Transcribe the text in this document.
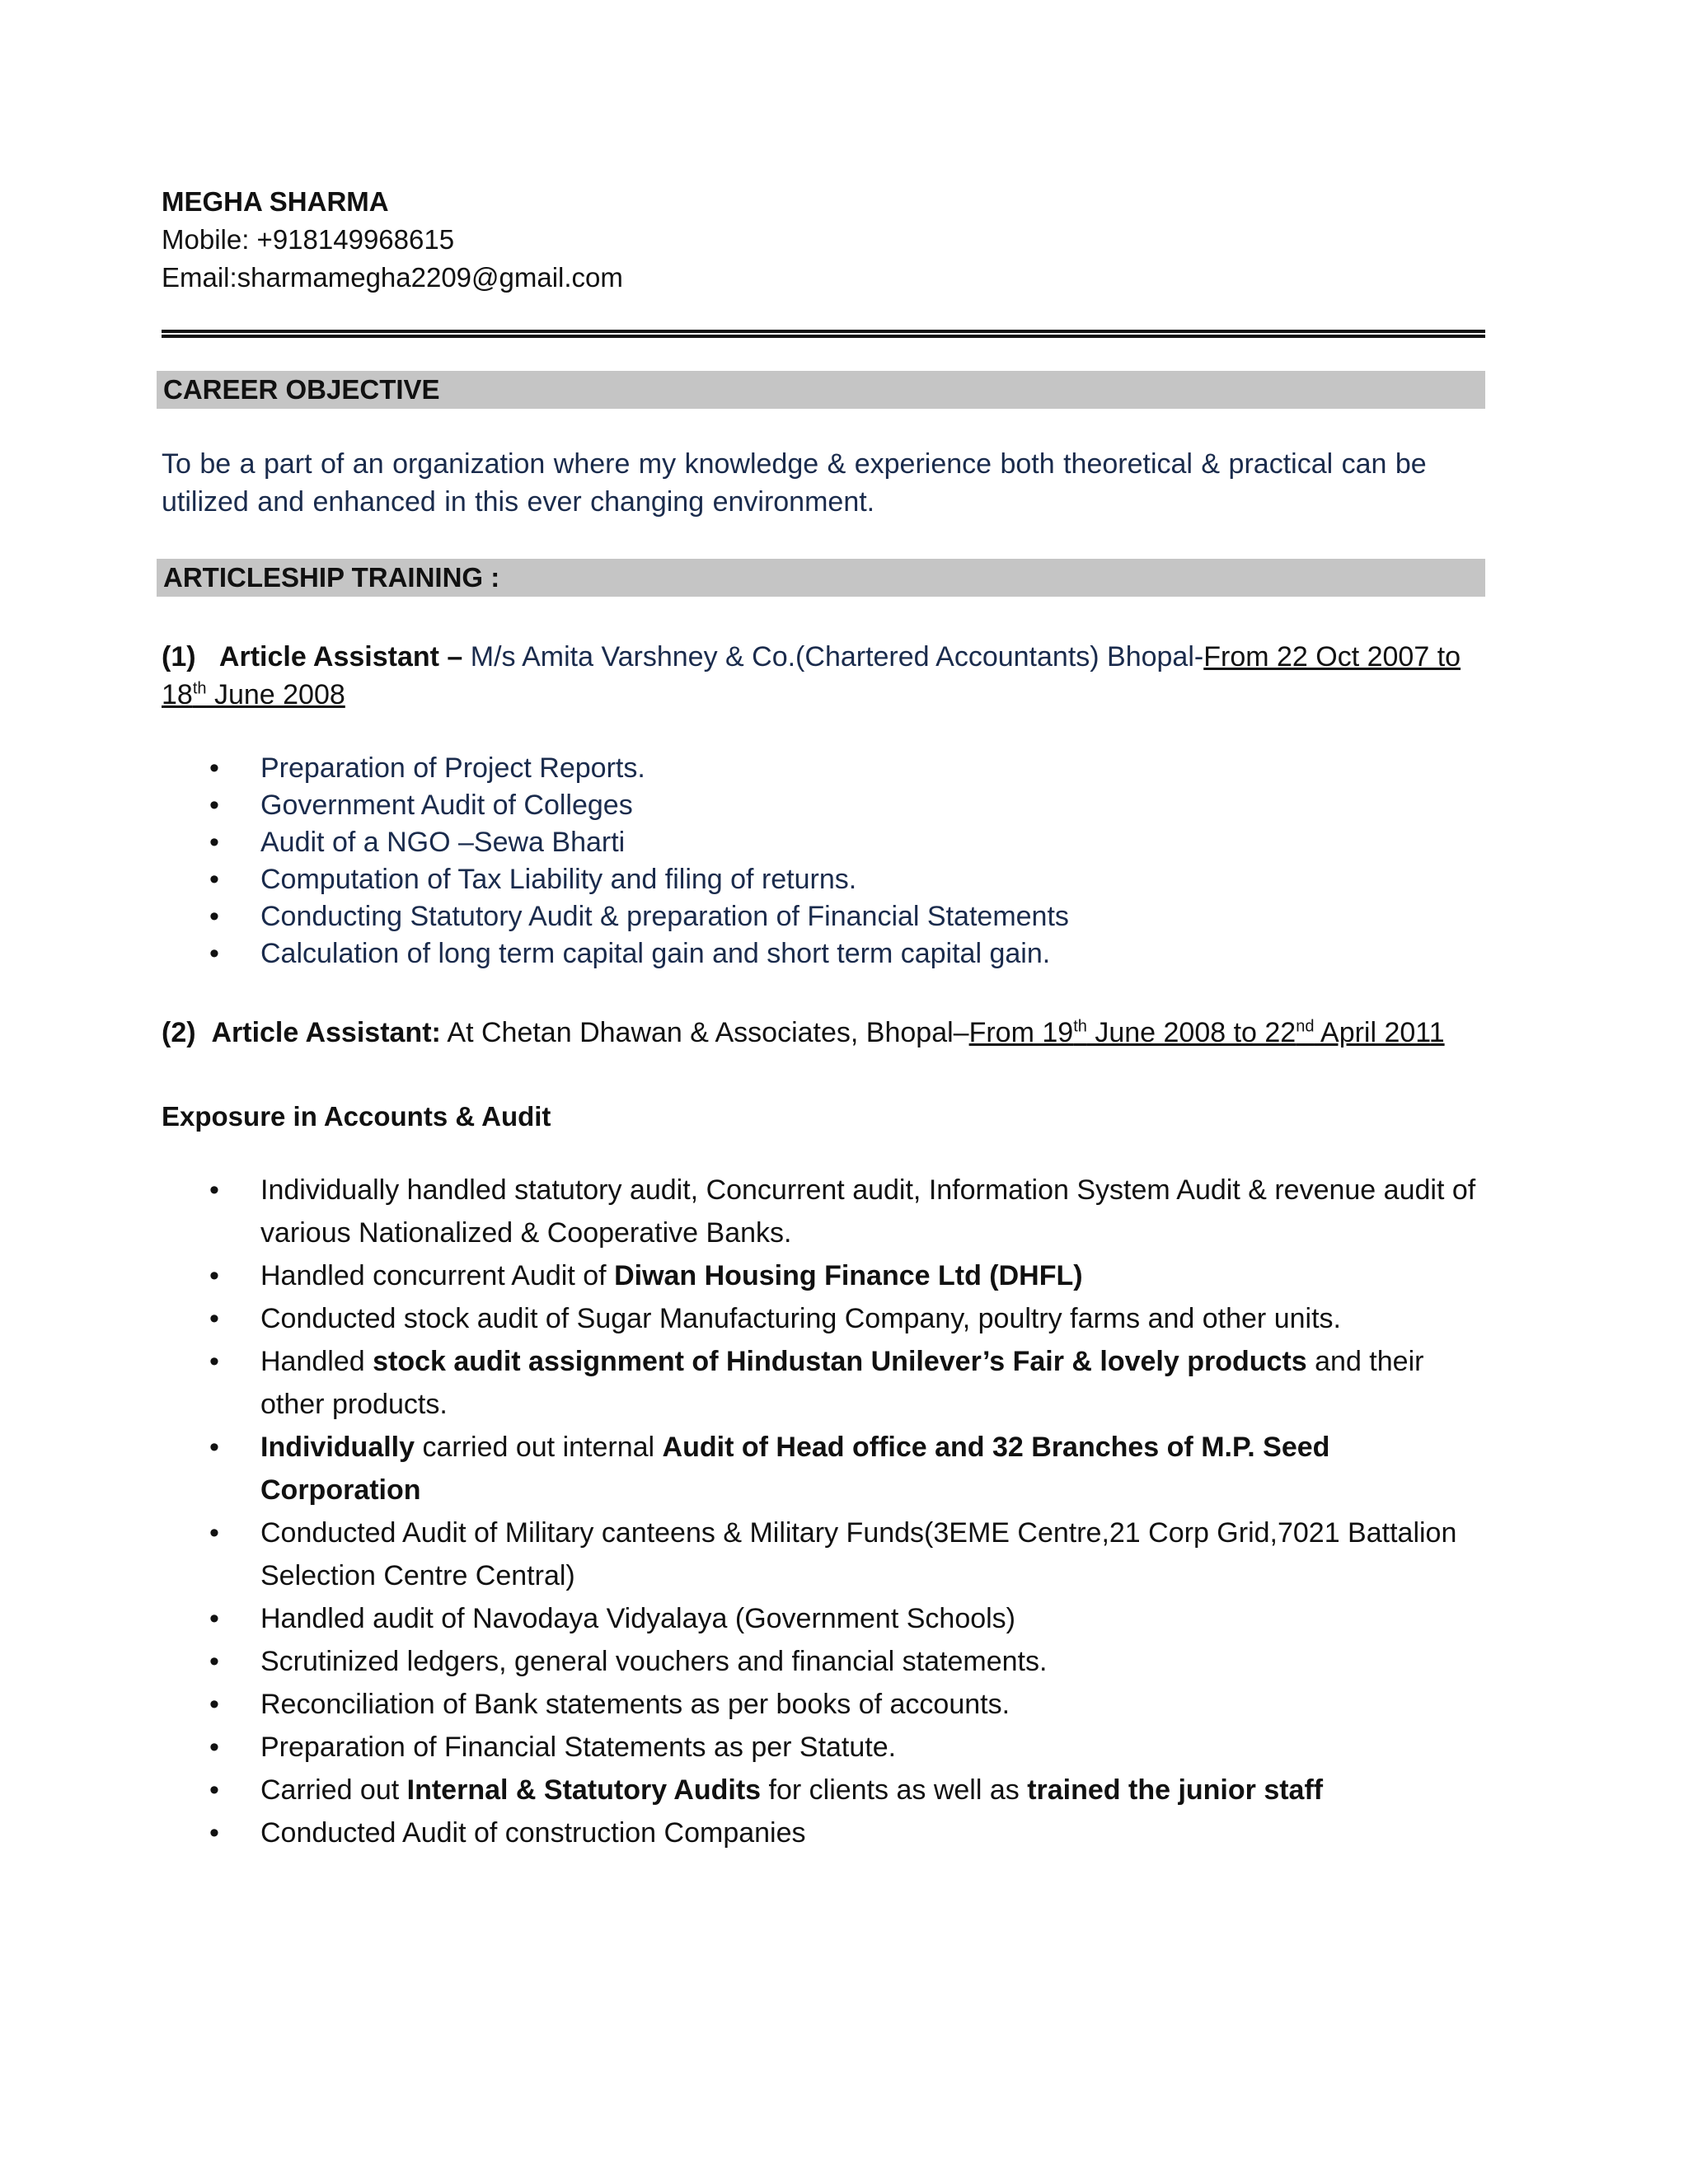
MEGHA SHARMA
Mobile: +918149968615
Email:sharmamegha2209@gmail.com
CAREER OBJECTIVE
To be a part of an organization where my knowledge & experience both theoretical & practical can be utilized and enhanced in this ever changing environment.
ARTICLESHIP TRAINING :
(1) Article Assistant – M/s Amita Varshney & Co.(Chartered Accountants) Bhopal-From 22 Oct 2007 to 18th June 2008
• Preparation of Project Reports.
• Government Audit of Colleges
• Audit of a NGO –Sewa Bharti
• Computation of Tax Liability and filing of returns.
• Conducting Statutory Audit & preparation of Financial Statements
• Calculation of long term capital gain and short term capital gain.
(2) Article Assistant: At Chetan Dhawan & Associates, Bhopal–From 19th June 2008 to 22nd April 2011
Exposure in Accounts & Audit
• Individually handled statutory audit, Concurrent audit, Information System Audit & revenue audit of various Nationalized & Cooperative Banks.
• Handled concurrent Audit of Diwan Housing Finance Ltd (DHFL)
• Conducted stock audit of Sugar Manufacturing Company, poultry farms and other units.
• Handled stock audit assignment of Hindustan Unilever’s Fair & lovely products and their other products.
• Individually carried out internal Audit of Head office and 32 Branches of M.P. Seed Corporation
• Conducted Audit of Military canteens & Military Funds(3EME Centre,21 Corp Grid,7021 Battalion Selection Centre Central)
• Handled audit of Navodaya Vidyalaya (Government Schools)
• Scrutinized ledgers, general vouchers and financial statements.
• Reconciliation of Bank statements as per books of accounts.
• Preparation of Financial Statements as per Statute.
• Carried out Internal & Statutory Audits for clients as well as trained the junior staff
• Conducted Audit of construction Companies
